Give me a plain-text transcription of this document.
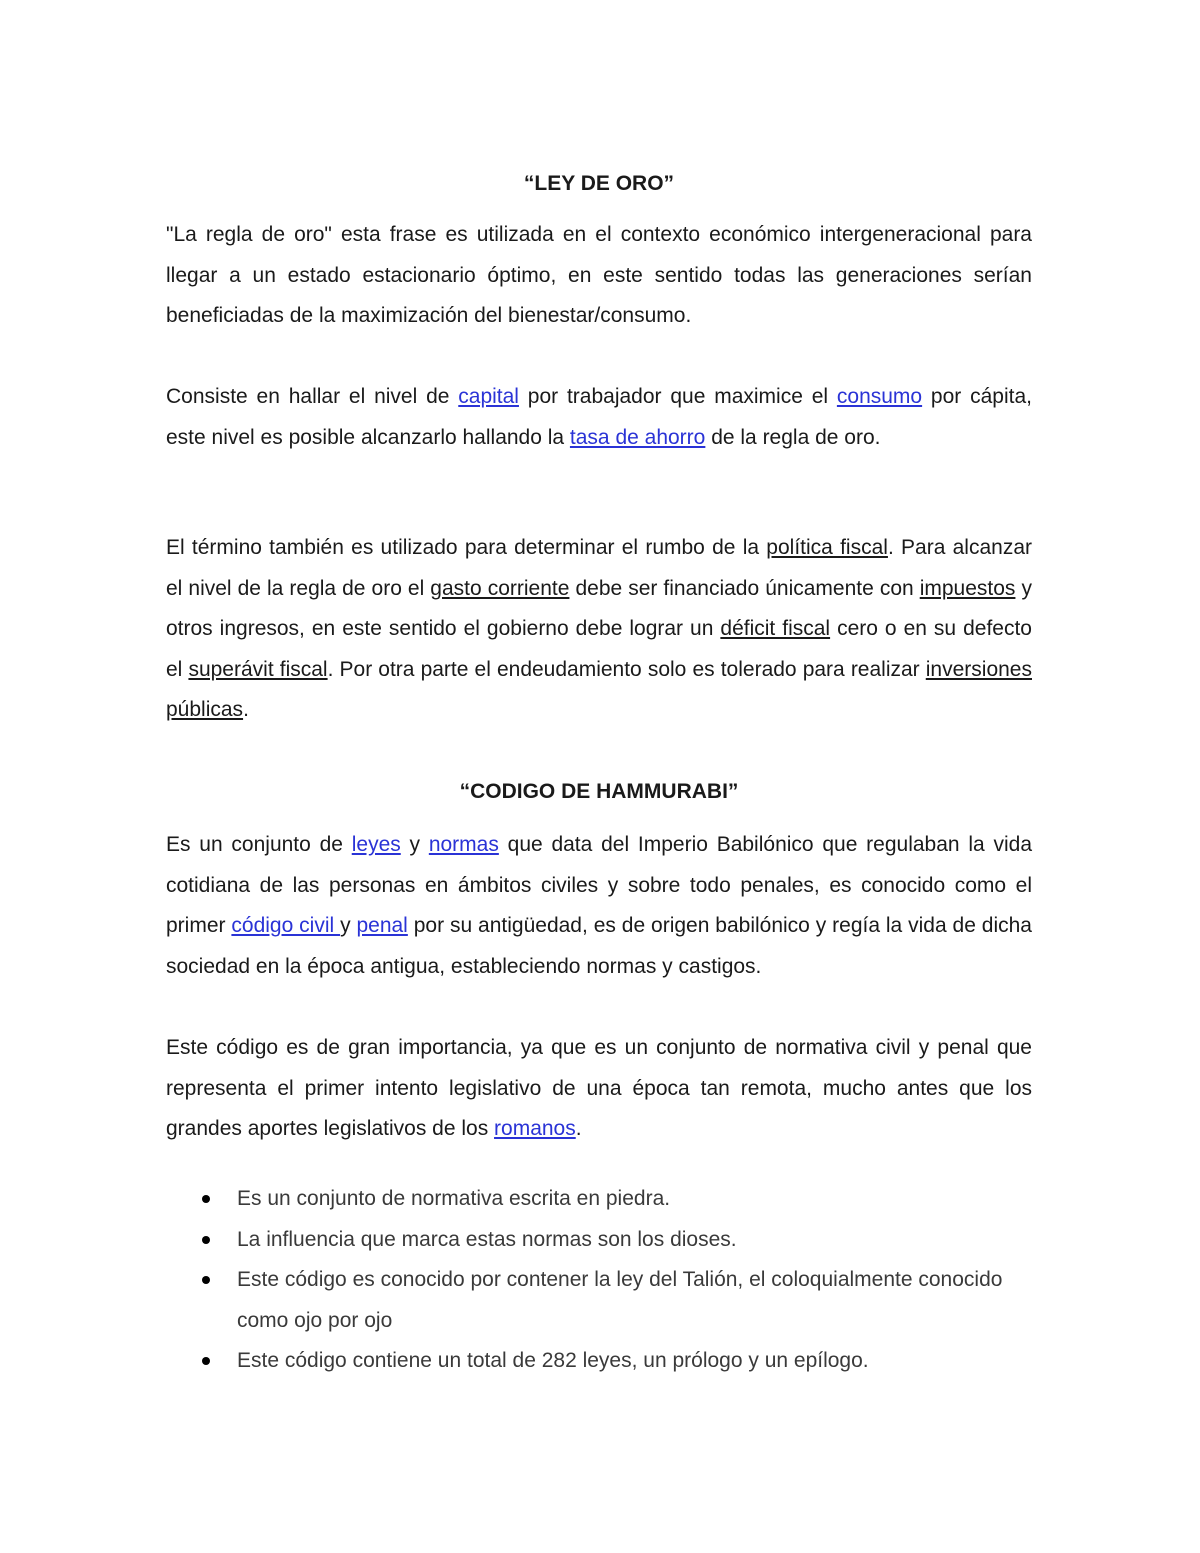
“LEY DE ORO”

"La regla de oro" esta frase es utilizada en el contexto económico intergeneracional para llegar a un estado estacionario óptimo, en este sentido todas las generaciones serían beneficiadas de la maximización del bienestar/consumo.

Consiste en hallar el nivel de capital por trabajador que maximice el consumo por cápita, este nivel es posible alcanzarlo hallando la tasa de ahorro de la regla de oro.

El término también es utilizado para determinar el rumbo de la política fiscal. Para alcanzar el nivel de la regla de oro el gasto corriente debe ser financiado únicamente con impuestos y otros ingresos, en este sentido el gobierno debe lograr un déficit fiscal cero o en su defecto el superávit fiscal. Por otra parte el endeudamiento solo es tolerado para realizar inversiones públicas.

“CODIGO DE HAMMURABI”

Es un conjunto de leyes y normas que data del Imperio Babilónico que regulaban la vida cotidiana de las personas en ámbitos civiles y sobre todo penales, es conocido como el primer código civil y penal por su antigüedad, es de origen babilónico y regía la vida de dicha sociedad en la época antigua, estableciendo normas y castigos.

Este código es de gran importancia, ya que es un conjunto de normativa civil y penal que representa el primer intento legislativo de una época tan remota, mucho antes que los grandes aportes legislativos de los romanos.

Es un conjunto de normativa escrita en piedra.
La influencia que marca estas normas son los dioses.
Este código es conocido por contener la ley del Talión, el coloquialmente conocido como ojo por ojo
Este código contiene un total de 282 leyes, un prólogo y un epílogo.
